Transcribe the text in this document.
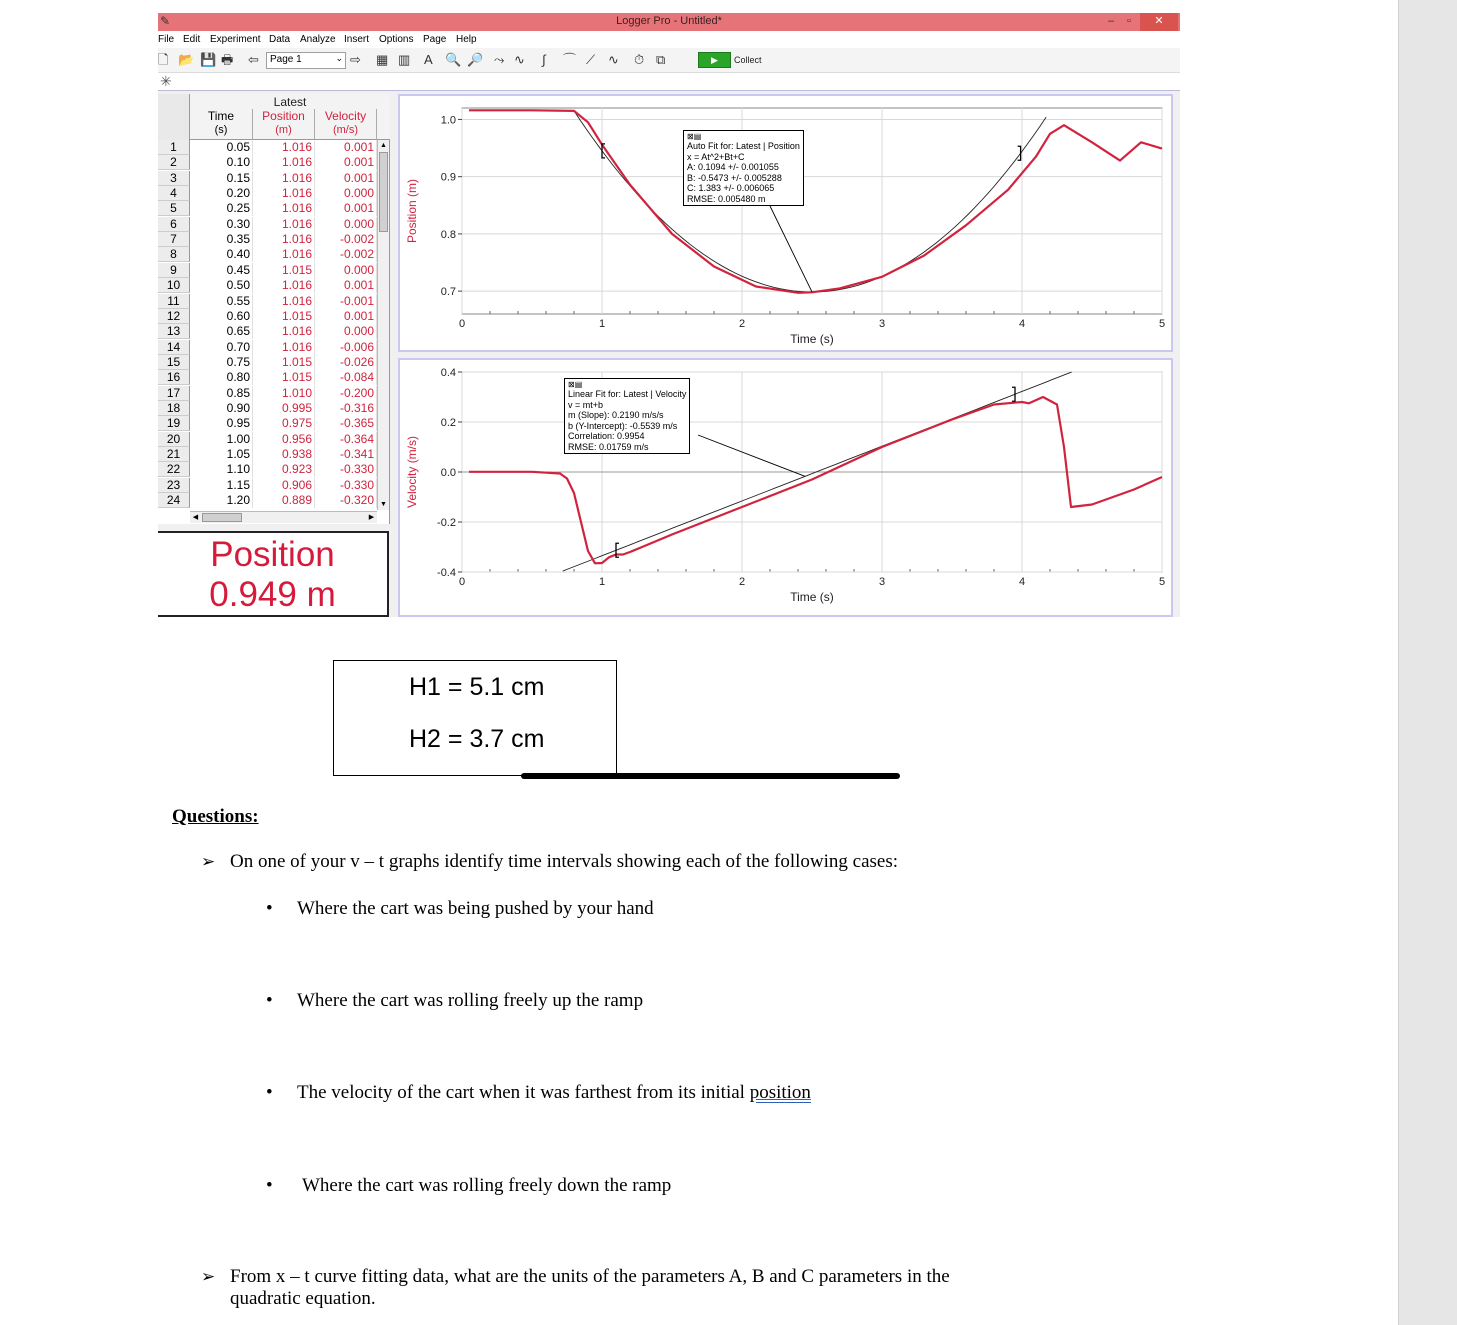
✎	Logger Pro - Untitled*	–	▫	✕
File Edit Experiment Data Analyze Insert Options Page Help
🗋 📂 💾 🖶 ⇦	Page 1	⌄ ⇨ ▦ ▥ A 🔍 🔎 ⤳ ∿ ∫ ⌒ ⟋ ∿ ⏱ ⧉	▶	Collect
✳
Latest
Time
(s)
Position
(m)
Velocity
(m/s)
1	0.05	1.016	0.001
2	0.10	1.016	0.001
3	0.15	1.016	0.001
4	0.20	1.016	0.000
5	0.25	1.016	0.001
6	0.30	1.016	0.000
7	0.35	1.016	-0.002
8	0.40	1.016	-0.002
9	0.45	1.015	0.000
10	0.50	1.016	0.001
11	0.55	1.016	-0.001
12	0.60	1.015	0.001
13	0.65	1.016	0.000
14	0.70	1.016	-0.006
15	0.75	1.015	-0.026
16	0.80	1.015	-0.084
17	0.85	1.010	-0.200
18	0.90	0.995	-0.316
19	0.95	0.975	-0.365
20	1.00	0.956	-0.364
21	1.05	0.938	-0.341
22	1.10	0.923	-0.330
23	1.15	0.906	-0.330
24	1.20	0.889	-0.320
▲
▼
◀	▶
Position
0.949 m
0	1	2	3	4	5
0.7
0.8
0.9
1.0
Time (s)
Position (m)
⊠▤
Auto Fit for: Latest | Position
x = At^2+Bt+C
A: 0.1094 +/- 0.001055
B: -0.5473 +/- 0.005288
C: 1.383 +/- 0.006065
RMSE: 0.005480 m
0	1	2	3	4	5
-0.4
-0.2
0.0
0.2
0.4
Time (s)
Velocity (m/s)
⊠▤
Linear Fit for: Latest | Velocity
v = mt+b
m (Slope): 0.2190 m/s/s
b (Y-Intercept): -0.5539 m/s
Correlation: 0.9954
RMSE: 0.01759 m/s
H1 = 5.1 cm
H2 = 3.7 cm
Questions:
➢ On one of your v – t graphs identify time intervals showing each of the following cases:
• Where the cart was being pushed by your hand
• Where the cart was rolling freely up the ramp
• The velocity of the cart when it was farthest from its initial position
• Where the cart was rolling freely down the ramp
➢ From x – t curve fitting data, what are the units of the parameters A, B and C parameters in the
quadratic equation.
